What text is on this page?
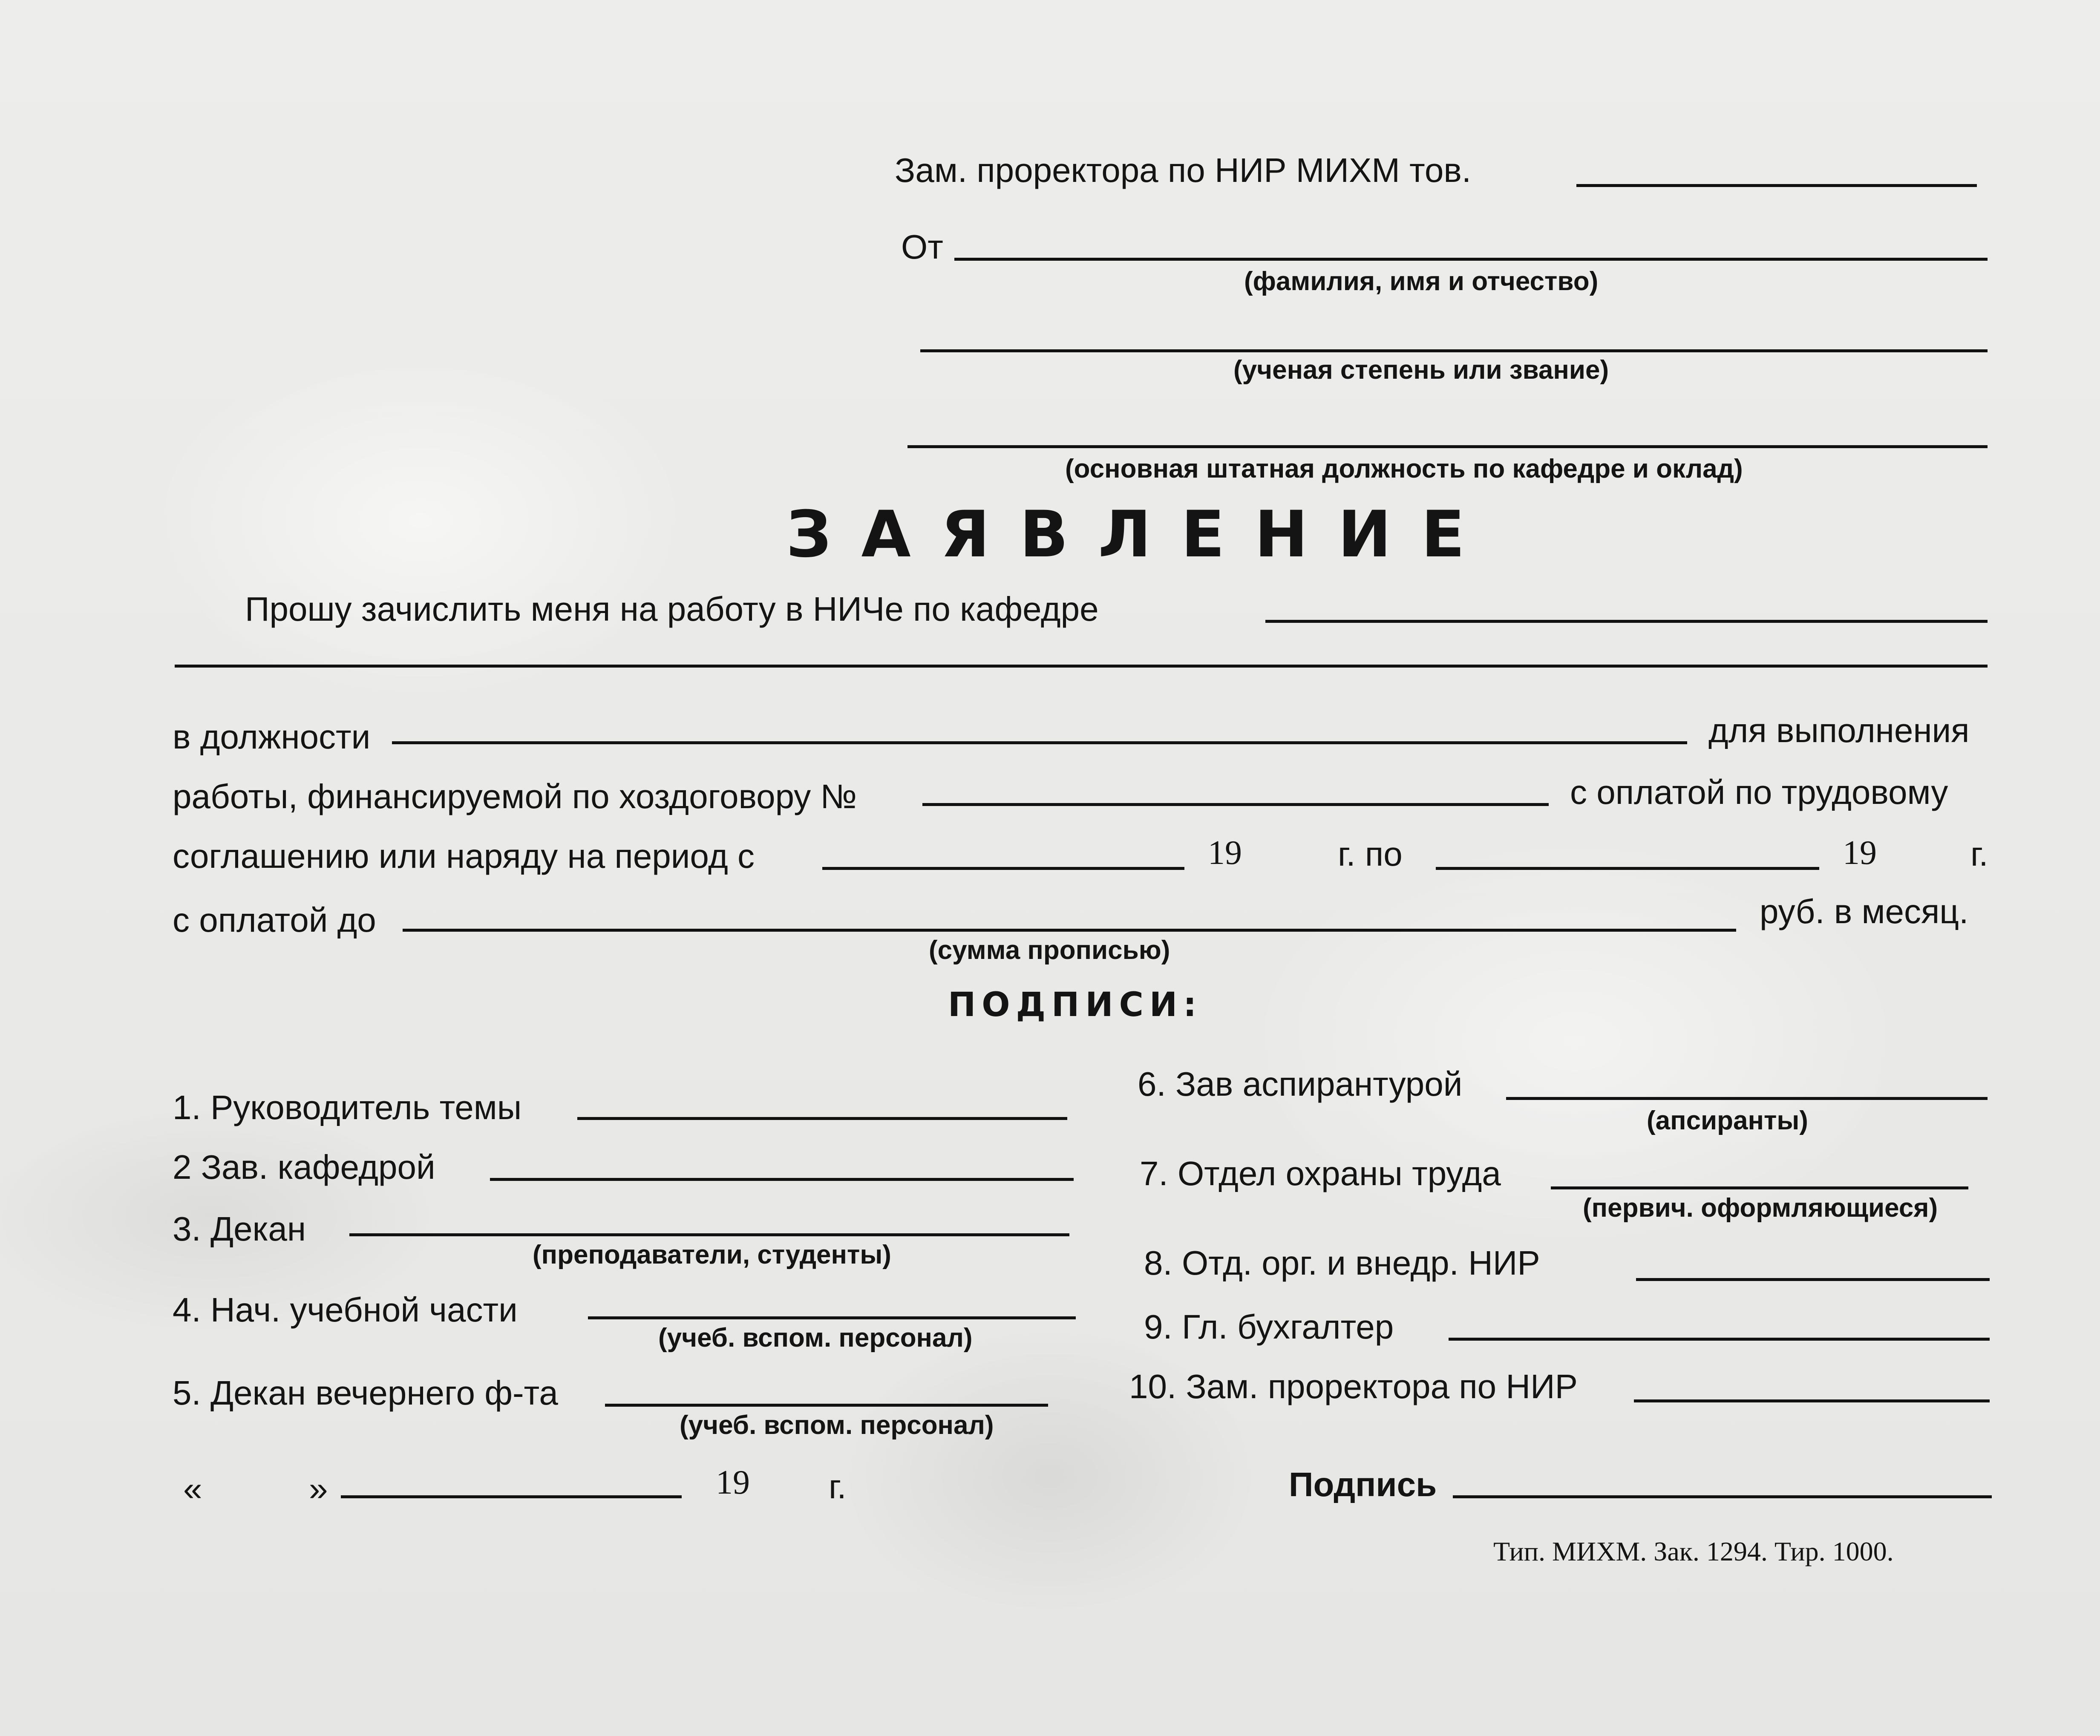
Зам. проректора по НИР МИХМ тов.
От
(фамилия, имя и отчество)
(ученая степень или звание)
(основная штатная должность по кафедре и оклад)
ЗАЯВЛЕНИЕ
Прошу зачислить меня на работу в НИЧе по кафедре
в должности	для выполнения
работы, финансируемой по хоздоговору №	с оплатой по трудовому
соглашению или наряду на период с	19	г. по	19	г.
с оплатой до	руб. в месяц.
(сумма прописью)
ПОДПИСИ:
1. Руководитель темы
2 Зав. кафедрой
3. Декан
(преподаватели, студенты)
4. Нач. учебной части
(учеб. вспом. персонал)
5. Декан вечернего ф-та
(учеб. вспом. персонал)
«	»	19 г.
6. Зав аспирантурой
(апсиранты)
7. Отдел охраны труда
(первич. оформляющиеся)
8. Отд. орг. и внедр. НИР
9. Гл. бухгалтер
10. Зам. проректора по НИР
Подпись
Тип. МИХМ. Зак. 1294. Тир. 1000.
